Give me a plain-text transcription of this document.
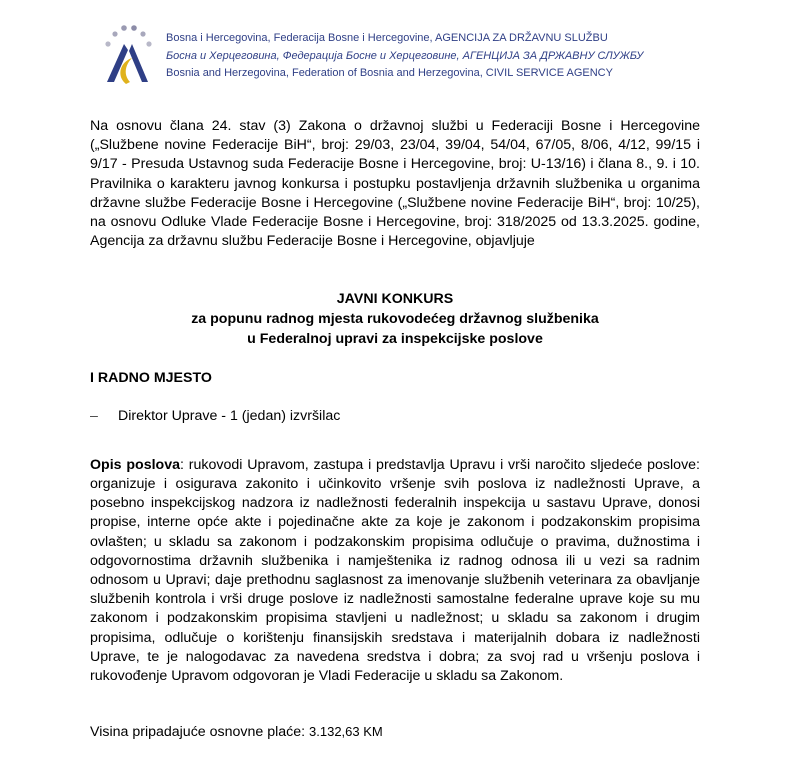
Bosna i Hercegovina, Federacija Bosne i Hercegovine, AGENCIJA ZA DRŽAVNU SLUŽBU
Босна и Херцеговина, Федерација Босне и Херцеговине, АГЕНЦИЈА ЗА ДРЖАВНУ СЛУЖБУ
Bosnia and Herzegovina, Federation of Bosnia and Herzegovina, CIVIL SERVICE AGENCY

Na osnovu člana 24. stav (3) Zakona o državnoj službi u Federaciji Bosne i Hercegovine („Službene novine Federacije BiH“, broj: 29/03, 23/04, 39/04, 54/04, 67/05, 8/06, 4/12, 99/15 i 9/17 - Presuda Ustavnog suda Federacije Bosne i Hercegovine, broj: U-13/16) i člana 8., 9. i 10. Pravilnika o karakteru javnog konkursa i postupku postavljenja državnih službenika u organima državne službe Federacije Bosne i Hercegovine („Službene novine Federacije BiH“, broj: 10/25), na osnovu Odluke Vlade Federacije Bosne i Hercegovine, broj: 318/2025 od 13.3.2025. godine, Agencija za državnu službu Federacije Bosne i Hercegovine, objavljuje

JAVNI KONKURS
za popunu radnog mjesta rukovodećeg državnog službenika
u Federalnoj upravi za inspekcijske poslove
I RADNO MJESTO
–	Direktor Uprave - 1 (jedan) izvršilac
Opis poslova: rukovodi Upravom, zastupa i predstavlja Upravu i vrši naročito sljedeće poslove: organizuje i osigurava zakonito i učinkovito vršenje svih poslova iz nadležnosti Uprave, a posebno inspekcijskog nadzora iz nadležnosti federalnih inspekcija u sastavu Uprave, donosi propise, interne opće akte i pojedinačne akte za koje je zakonom i podzakonskim propisima ovlašten; u skladu sa zakonom i podzakonskim propisima odlučuje o pravima, dužnostima i odgovornostima državnih službenika i namještenika iz radnog odnosa ili u vezi sa radnim odnosom u Upravi; daje prethodnu saglasnost za imenovanje službenih veterinara za obavljanje službenih kontrola i vrši druge poslove iz nadležnosti samostalne federalne uprave koje su mu zakonom i podzakonskim propisima stavljeni u nadležnost; u skladu sa zakonom i drugim propisima, odlučuje o korištenju finansijskih sredstava i materijalnih dobara iz nadležnosti Uprave, te je nalogodavac za navedena sredstva i dobra; za svoj rad u vršenju poslova i rukovođenje Upravom odgovoran je Vladi Federacije u skladu sa Zakonom.
Visina pripadajuće osnovne plaće: 3.132,63 KM
